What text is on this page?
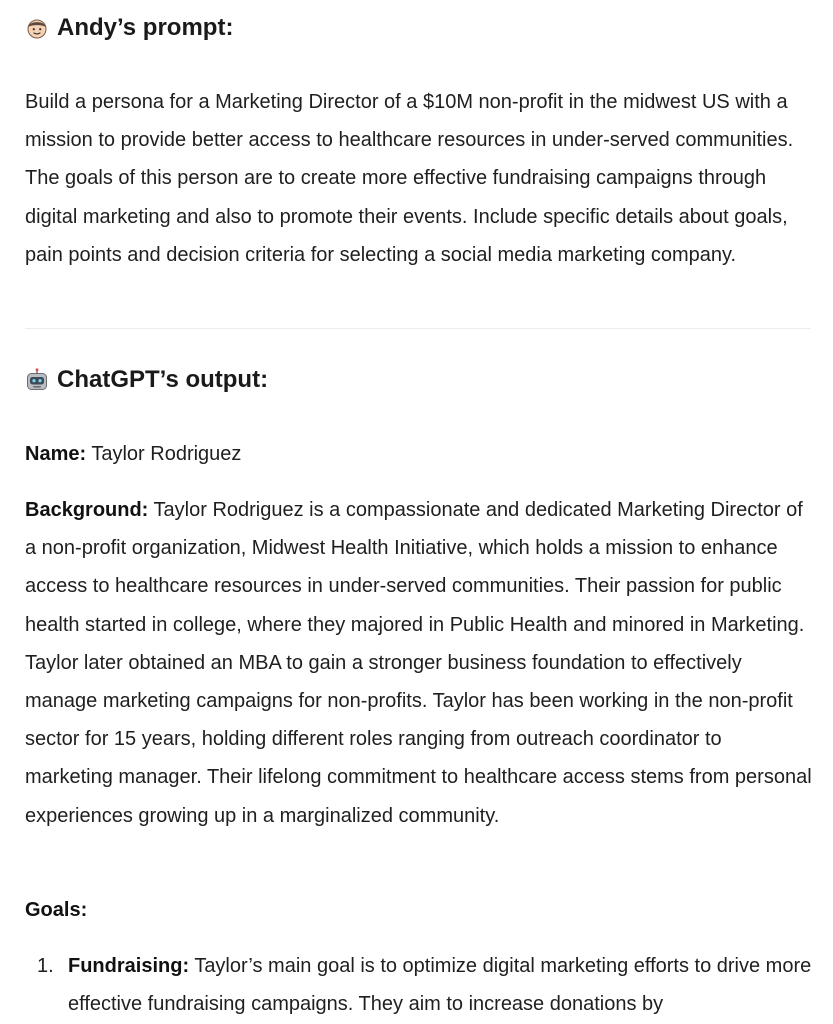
Andy’s prompt:
Build a persona for a Marketing Director of a $10M non-profit in the midwest US with a mission to provide better access to healthcare resources in under-served communities. The goals of this person are to create more effective fundraising campaigns through digital marketing and also to promote their events. Include specific details about goals, pain points and decision criteria for selecting a social media marketing company.
ChatGPT’s output:
Name: Taylor Rodriguez
Background: Taylor Rodriguez is a compassionate and dedicated Marketing Director of a non-profit organization, Midwest Health Initiative, which holds a mission to enhance access to healthcare resources in under-served communities. Their passion for public health started in college, where they majored in Public Health and minored in Marketing. Taylor later obtained an MBA to gain a stronger business foundation to effectively manage marketing campaigns for non-profits. Taylor has been working in the non-profit sector for 15 years, holding different roles ranging from outreach coordinator to marketing manager. Their lifelong commitment to healthcare access stems from personal experiences growing up in a marginalized community.
Goals:
1. Fundraising: Taylor’s main goal is to optimize digital marketing efforts to drive more effective fundraising campaigns. They aim to increase donations by
